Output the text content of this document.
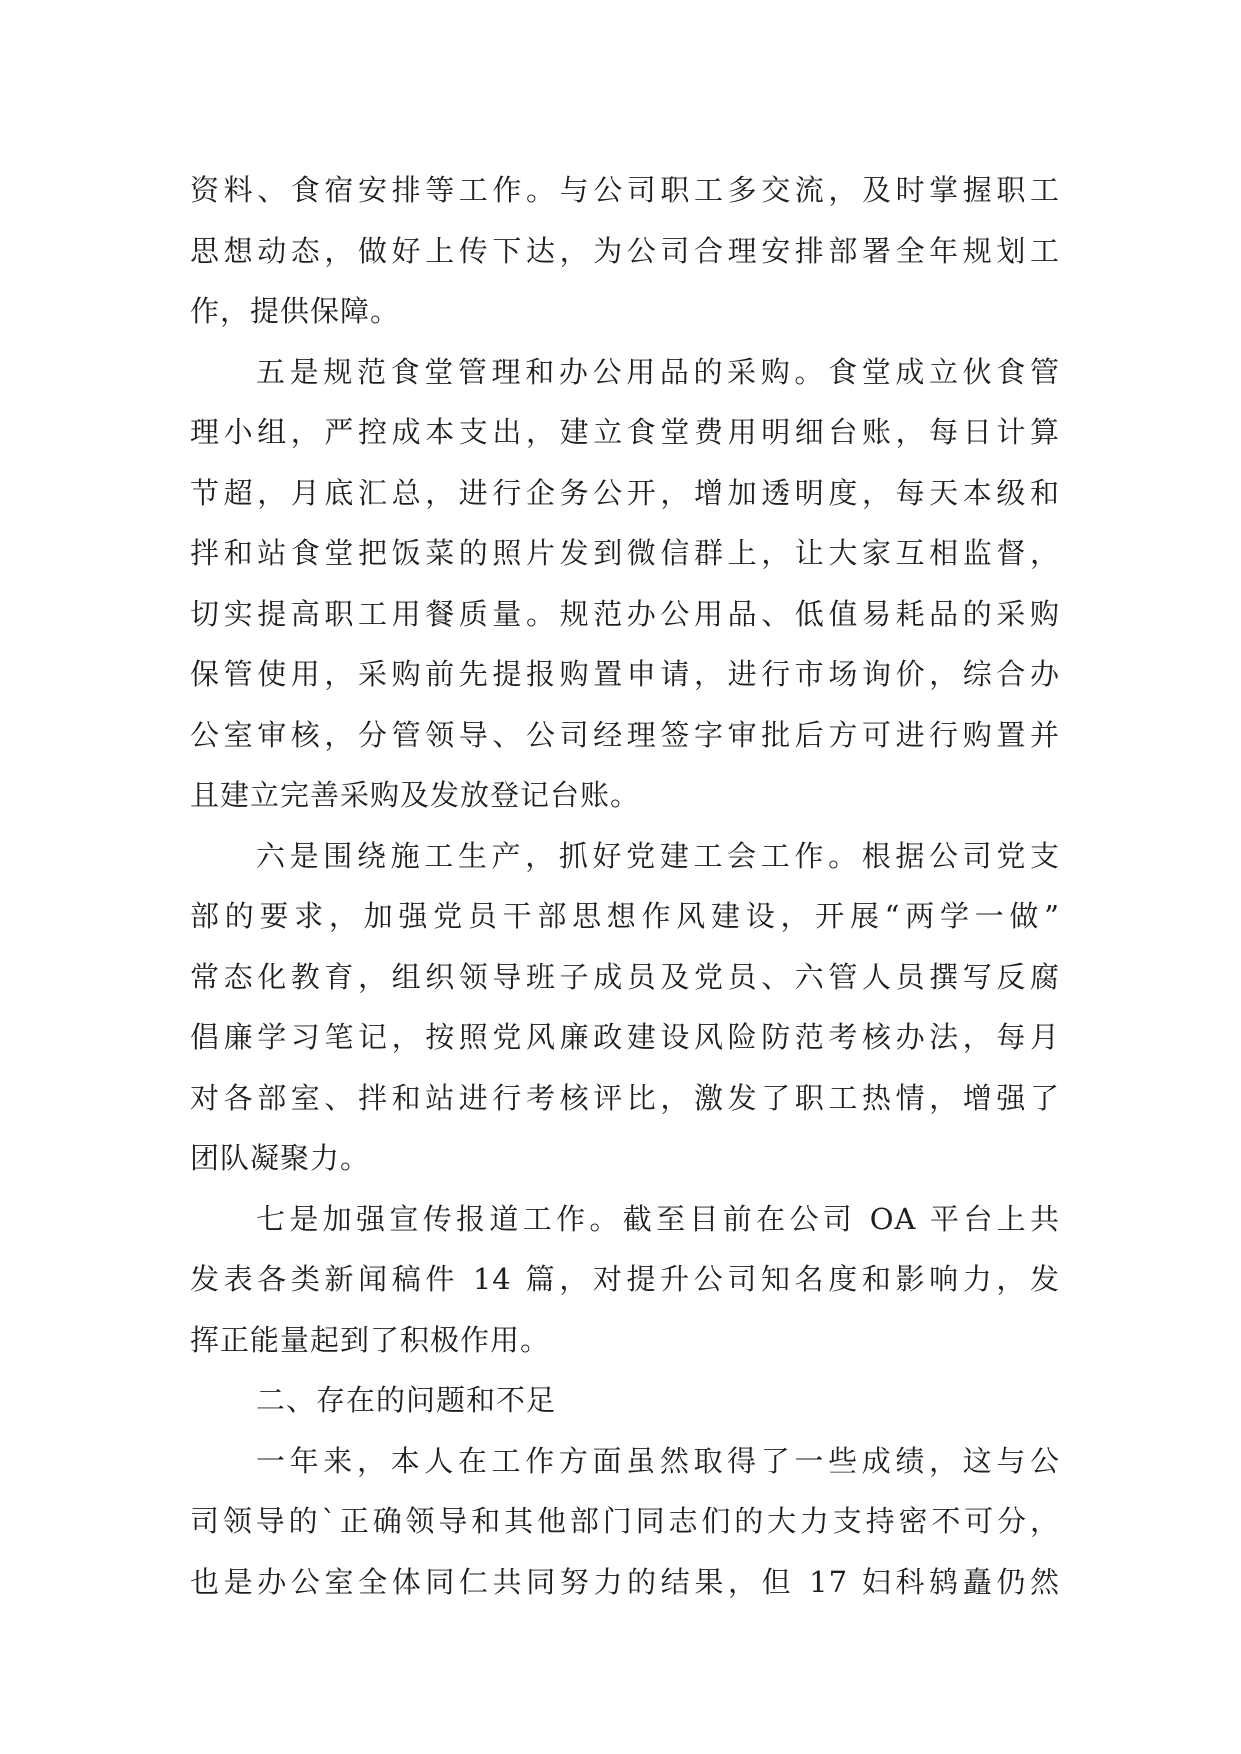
资料、食宿安排等工作。与公司职工多交流，及时掌握职工
思想动态，做好上传下达，为公司合理安排部署全年规划工
作，提供保障。
五是规范食堂管理和办公用品的采购。食堂成立伙食管
理小组，严控成本支出，建立食堂费用明细台账，每日计算
节超，月底汇总，进行企务公开，增加透明度，每天本级和
拌和站食堂把饭菜的照片发到微信群上，让大家互相监督，
切实提高职工用餐质量。规范办公用品、低值易耗品的采购
保管使用，采购前先提报购置申请，进行市场询价，综合办
公室审核，分管领导、公司经理签字审批后方可进行购置并
且建立完善采购及发放登记台账。
六是围绕施工生产，抓好党建工会工作。根据公司党支
部的要求，加强党员干部思想作风建设，开展“两学一做”
常态化教育，组织领导班子成员及党员、六管人员撰写反腐
倡廉学习笔记，按照党风廉政建设风险防范考核办法，每月
对各部室、拌和站进行考核评比，激发了职工热情，增强了
团队凝聚力。
七是加强宣传报道工作。截至目前在公司 OA 平台上共
发表各类新闻稿件 14 篇，对提升公司知名度和影响力，发
挥正能量起到了积极作用。
二、存在的问题和不足
一年来，本人在工作方面虽然取得了一些成绩，这与公
司领导的`正确领导和其他部门同志们的大力支持密不可分，
也是办公室全体同仁共同努力的结果，但 17 妇科鸫矗仍然
